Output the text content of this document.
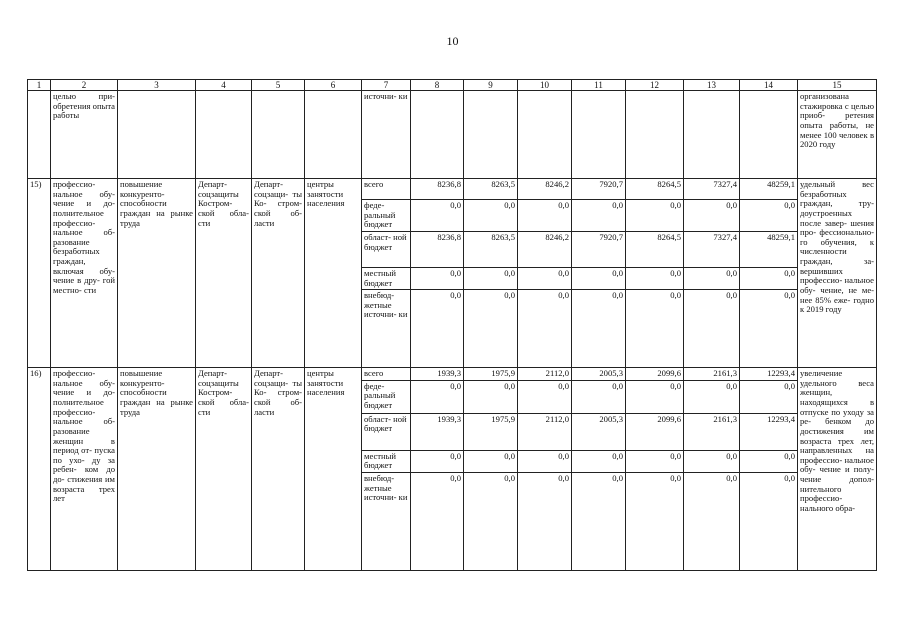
10
1	2	3	4	5	6	7	8	9	10	11	12	13	14	15
	целью при- обретения опыта работы					источни- ки								организована стажировка с целью приоб- ретения опыта работы, не менее 100 человек в 2020 году
15)	профессио- нальное обу- чение и до- полнительное профессио- нальное об- разование безработных граждан, включая обу- чение в дру- гой местно- сти	повышение конкуренто- способности граждан на рынке труда	Департ- соцзащиты Костром- ской обла- сти	Департ- соцзащи- ты Ко- стром- ской об- ласти	центры занятости населения	всего	8236,8	8263,5	8246,2	7920,7	8264,5	7327,4	48259,1	удельный вес безработных граждан, тру- доустроенных после завер- шения про- фессионально- го обучения, к численности граждан, за- вершивших профессио- нальное обу- чение, не ме- нее 85% еже- годно к 2019 году
						феде- ральный бюджет	0,0	0,0	0,0	0,0	0,0	0,0	0,0	
						област- ной бюджет	8236,8	8263,5	8246,2	7920,7	8264,5	7327,4	48259,1	
						местный бюджет	0,0	0,0	0,0	0,0	0,0	0,0	0,0	
						внебюд- жетные источни- ки	0,0	0,0	0,0	0,0	0,0	0,0	0,0	
16)	профессио- нальное обу- чение и до- полнительное профессио- нальное об- разование женщин в период от- пуска по ухо- ду за ребен- ком до до- стижения им возраста трех лет	повышение конкуренто- способности граждан на рынке труда	Департ- соцзащиты Костром- ской обла- сти	Департ- соцзащи- ты Ко- стром- ской об- ласти	центры занятости населения	всего	1939,3	1975,9	2112,0	2005,3	2099,6	2161,3	12293,4	увеличение удельного веса женщин, находящихся в отпуске по уходу за ре- бенком до достижения им возраста трех лет, направленных на профессио- нальное обу- чение и полу- чение допол- нительного профессио- нального обра-
						феде- ральный бюджет	0,0	0,0	0,0	0,0	0,0	0,0	0,0	
						област- ной бюджет	1939,3	1975,9	2112,0	2005,3	2099,6	2161,3	12293,4	
						местный бюджет	0,0	0,0	0,0	0,0	0,0	0,0	0,0	
						внебюд- жетные источни- ки	0,0	0,0	0,0	0,0	0,0	0,0	0,0	
